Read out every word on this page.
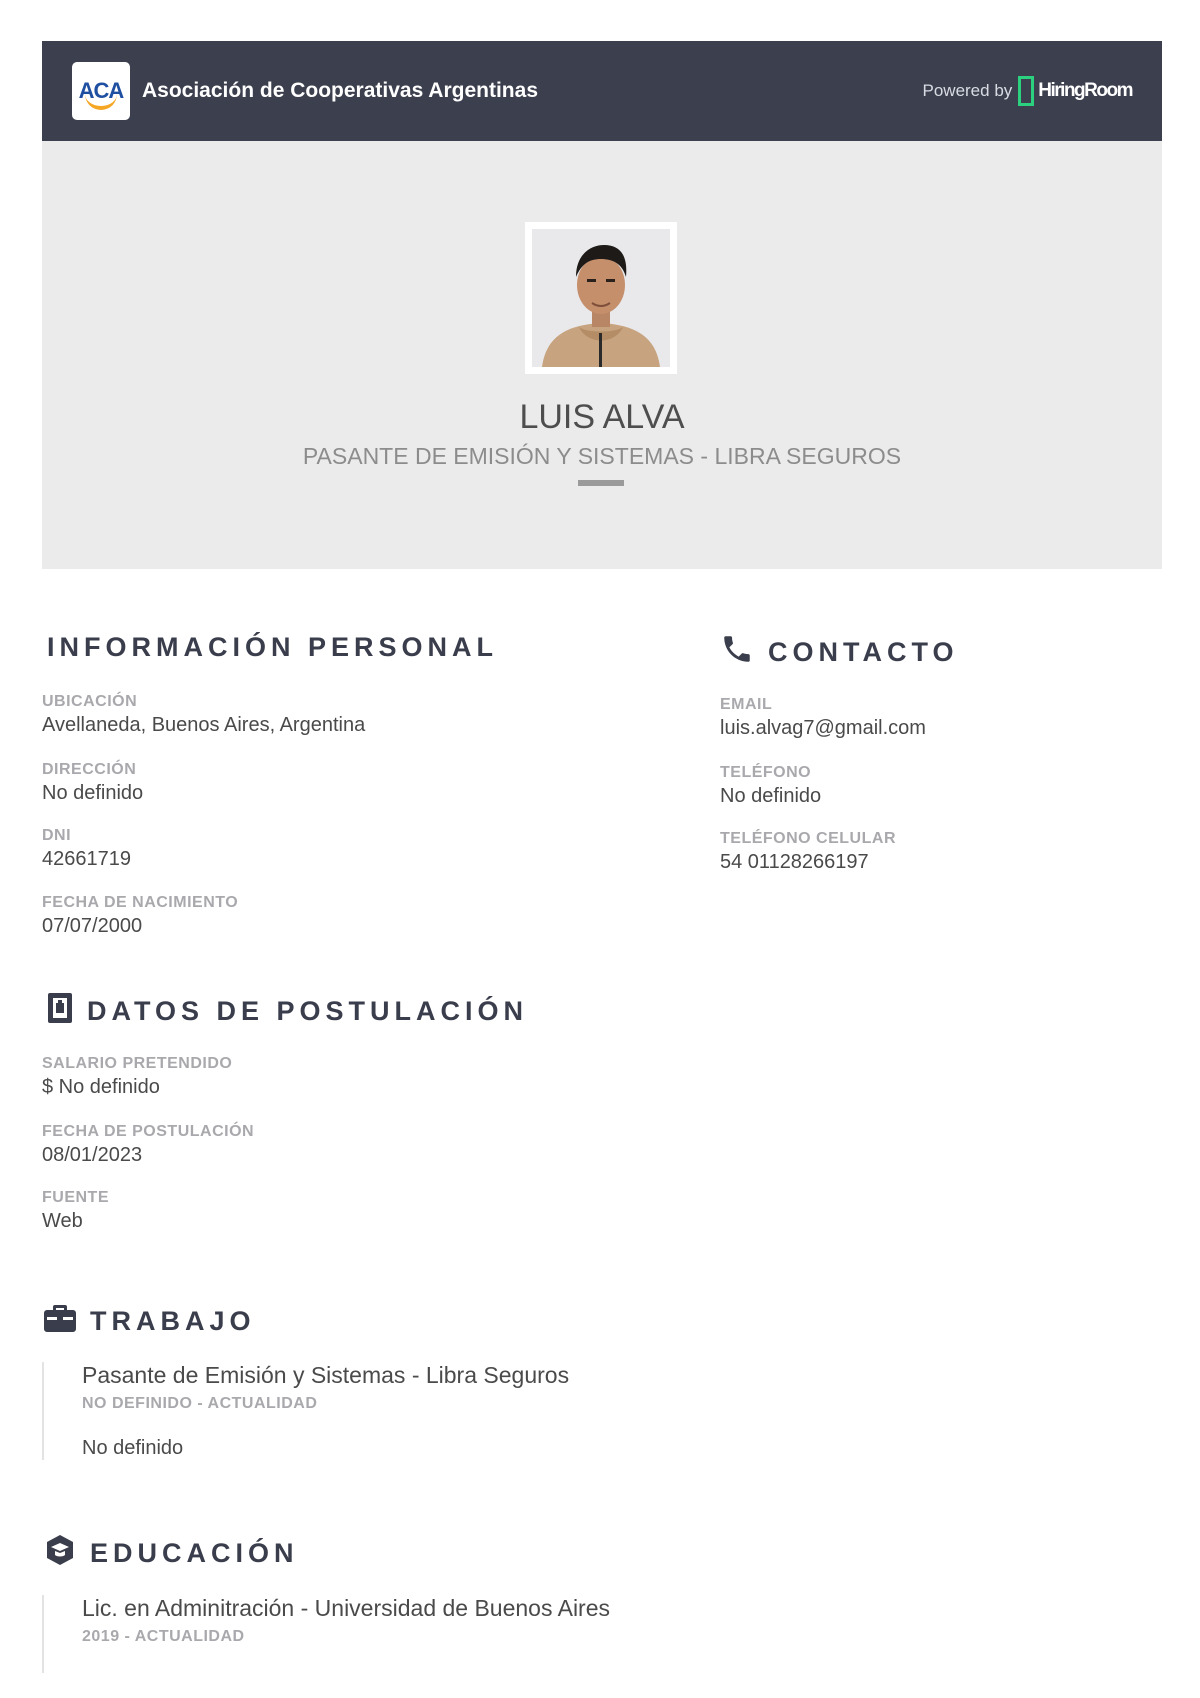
ACA Asociación de Cooperativas Argentinas	Powered by HiringRoom
LUIS ALVA
PASANTE DE EMISIÓN Y SISTEMAS - LIBRA SEGUROS
INFORMACIÓN PERSONAL
UBICACIÓN
Avellaneda, Buenos Aires, Argentina
DIRECCIÓN
No definido
DNI
42661719
FECHA DE NACIMIENTO
07/07/2000
CONTACTO
EMAIL
luis.alvag7@gmail.com
TELÉFONO
No definido
TELÉFONO CELULAR
54 01128266197
DATOS DE POSTULACIÓN
SALARIO PRETENDIDO
$ No definido
FECHA DE POSTULACIÓN
08/01/2023
FUENTE
Web
TRABAJO
Pasante de Emisión y Sistemas - Libra Seguros
NO DEFINIDO - ACTUALIDAD
No definido
EDUCACIÓN
Lic. en Adminitración - Universidad de Buenos Aires
2019 - ACTUALIDAD
